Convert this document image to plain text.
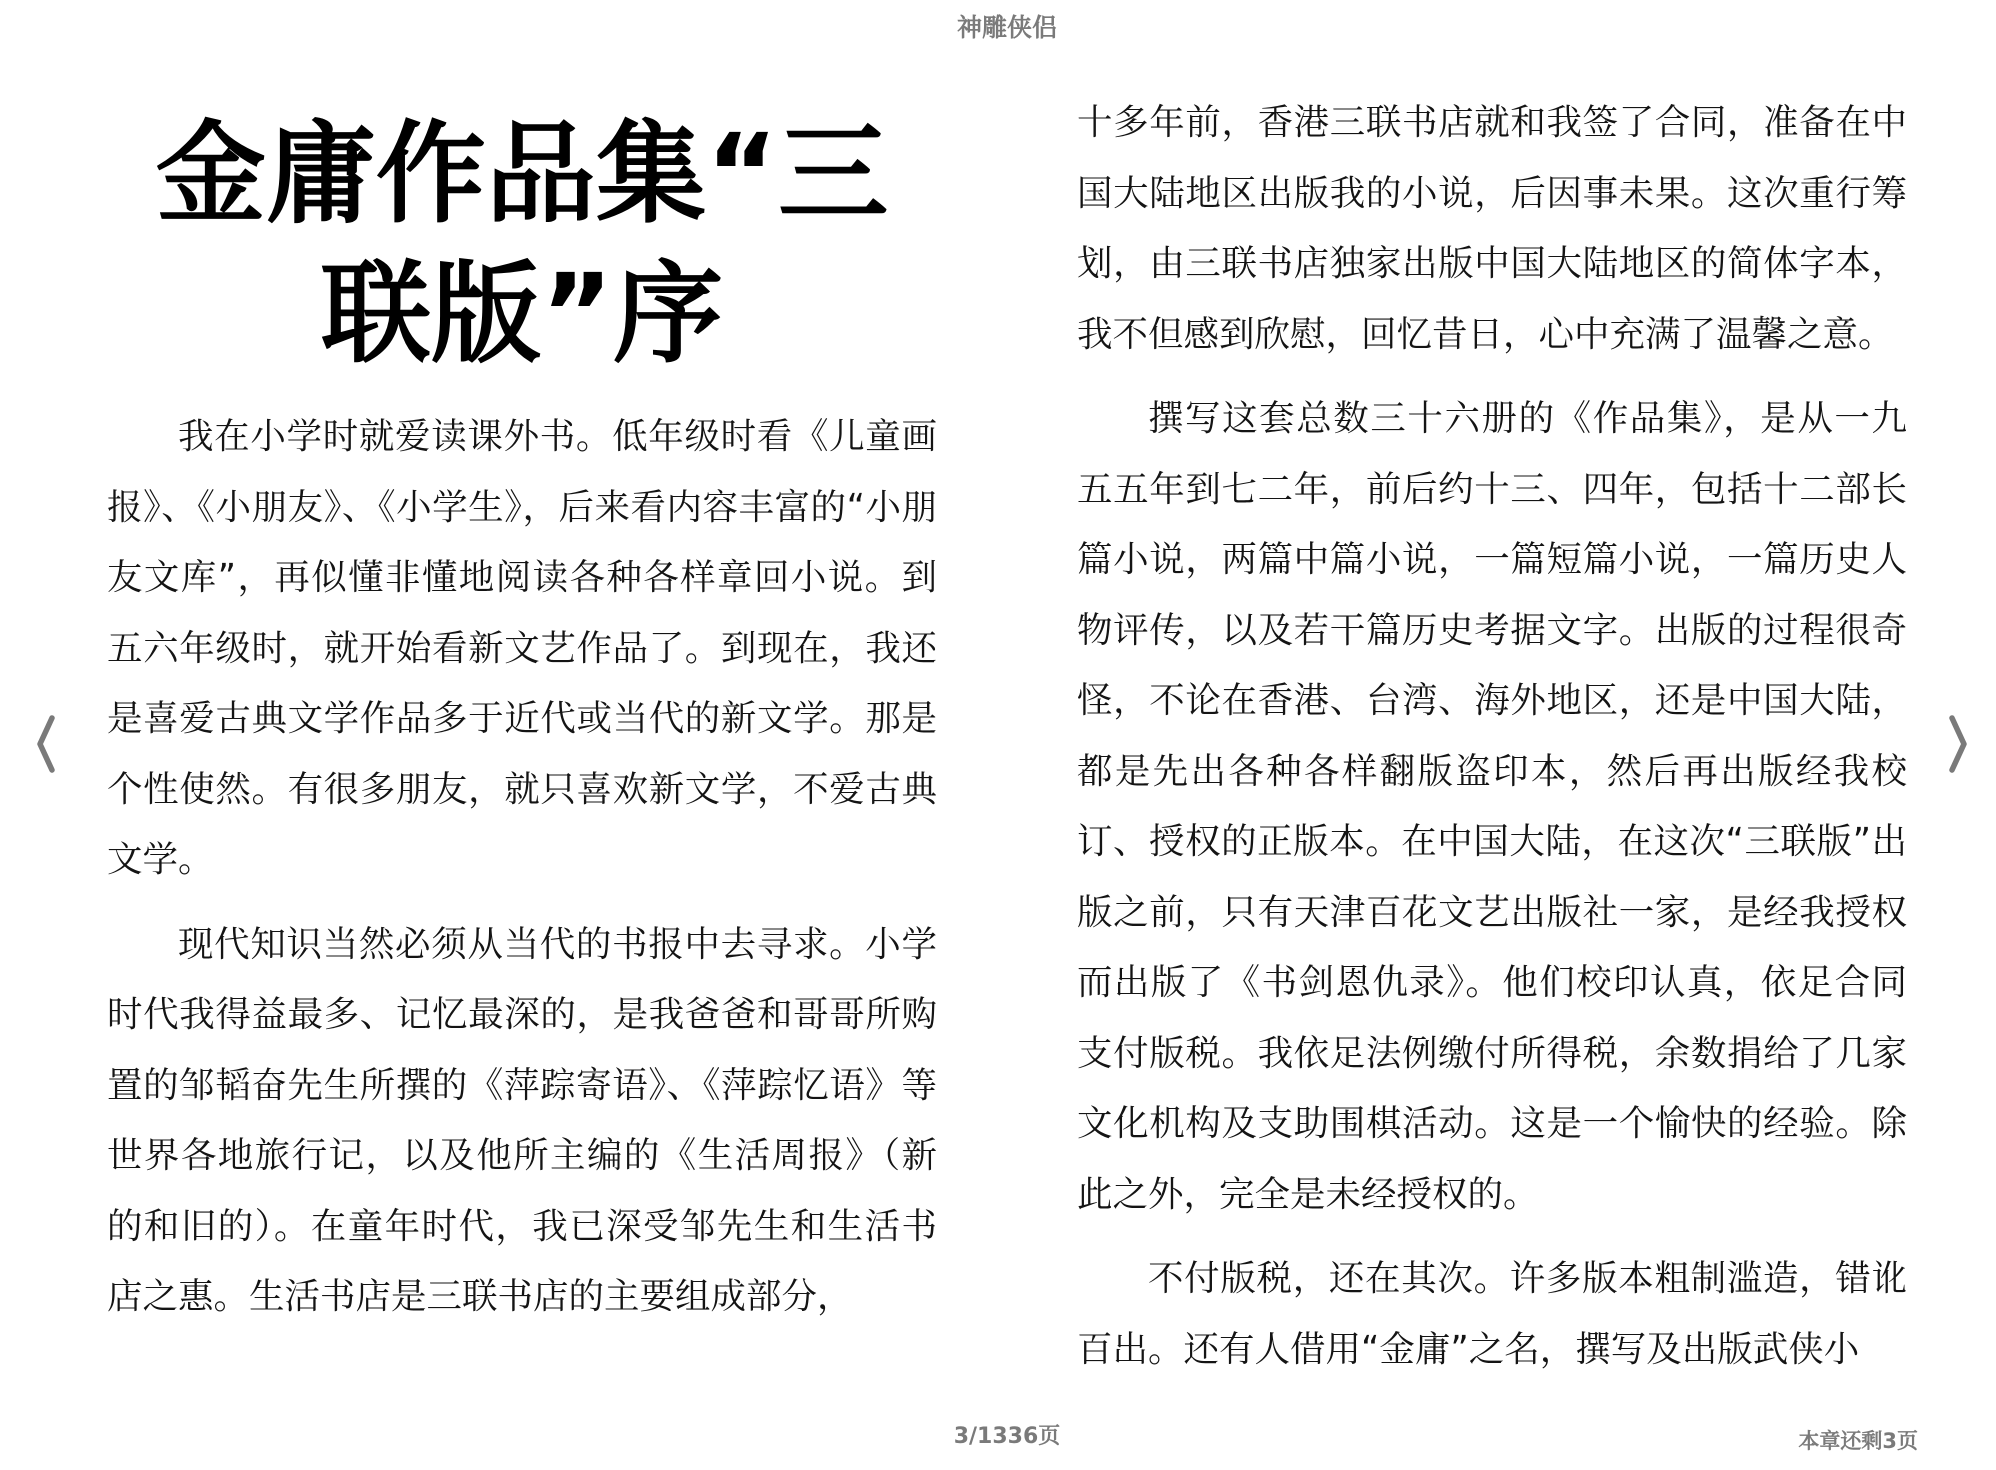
神雕侠侣
金庸作品集“三联版”序

我在小学时就爱读课外书。低年级时看《儿童画报》、《小朋友》、《小学生》，后来看内容丰富的“小朋友文库”，再似懂非懂地阅读各种各样章回小说。到五六年级时，就开始看新文艺作品了。到现在，我还是喜爱古典文学作品多于近代或当代的新文学。那是个性使然。有很多朋友，就只喜欢新文学，不爱古典文学。

现代知识当然必须从当代的书报中去寻求。小学时代我得益最多、记忆最深的，是我爸爸和哥哥所购置的邹韬奋先生所撰的《萍踪寄语》、《萍踪忆语》等世界各地旅行记，以及他所主编的《生活周报》（新的和旧的）。在童年时代，我已深受邹先生和生活书店之惠。生活书店是三联书店的主要组成部分，

十多年前，香港三联书店就和我签了合同，准备在中国大陆地区出版我的小说，后因事未果。这次重行筹划，由三联书店独家出版中国大陆地区的简体字本，我不但感到欣慰，回忆昔日，心中充满了温馨之意。

撰写这套总数三十六册的《作品集》，是从一九五五年到七二年，前后约十三、四年，包括十二部长篇小说，两篇中篇小说，一篇短篇小说，一篇历史人物评传，以及若干篇历史考据文字。出版的过程很奇怪，不论在香港、台湾、海外地区，还是中国大陆，都是先出各种各样翻版盗印本，然后再出版经我校订、授权的正版本。在中国大陆，在这次“三联版”出版之前，只有天津百花文艺出版社一家，是经我授权而出版了《书剑恩仇录》。他们校印认真，依足合同支付版税。我依足法例缴付所得税，余数捐给了几家文化机构及支助围棋活动。这是一个愉快的经验。除此之外，完全是未经授权的。

不付版税，还在其次。许多版本粗制滥造，错讹百出。还有人借用“金庸”之名，撰写及出版武侠小

3/1336页	本章还剩3页
